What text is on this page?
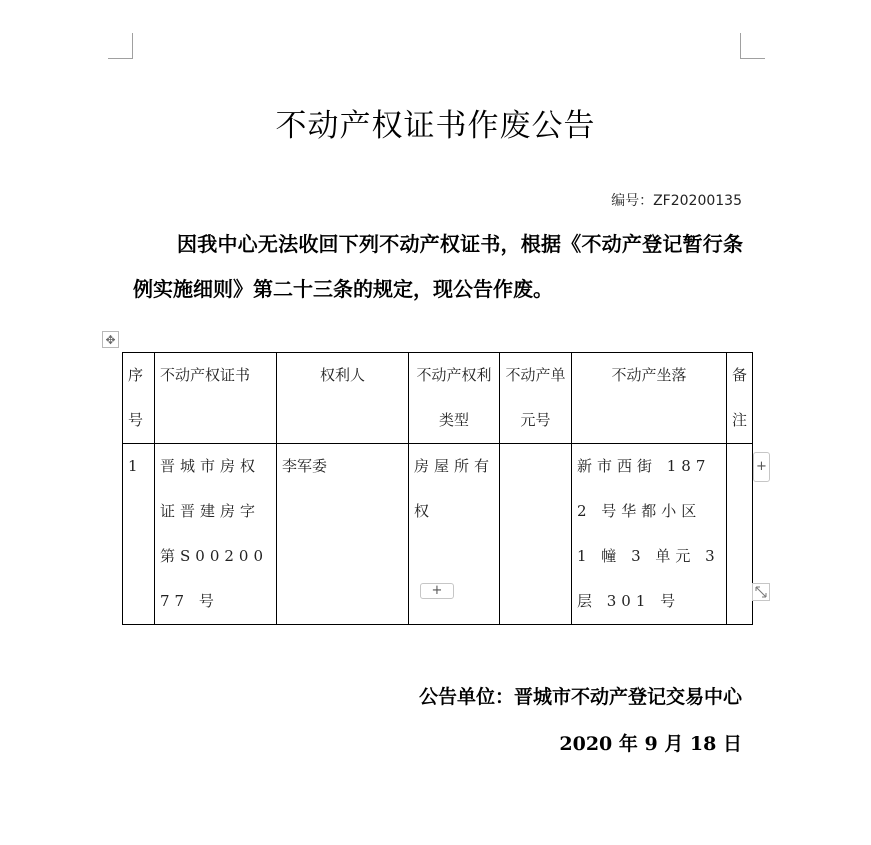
不动产权证书作废公告
编号：ZF20200135
因我中心无法收回下列不动产权证书，根据《不动产登记暂行条例实施细则》第二十三条的规定，现公告作废。
✥
序号	不动产权证书	权利人	不动产权利类型	不动产单元号	不动产坐落	备注
1	晋城市房权证晋建房字第S0020077 号	李军委	房屋所有权		新市西街 1872 号华都小区 1 幢 3 单元 3 层 301 号	
+
+
公告单位：晋城市不动产登记交易中心
2020 年 9 月 18 日
